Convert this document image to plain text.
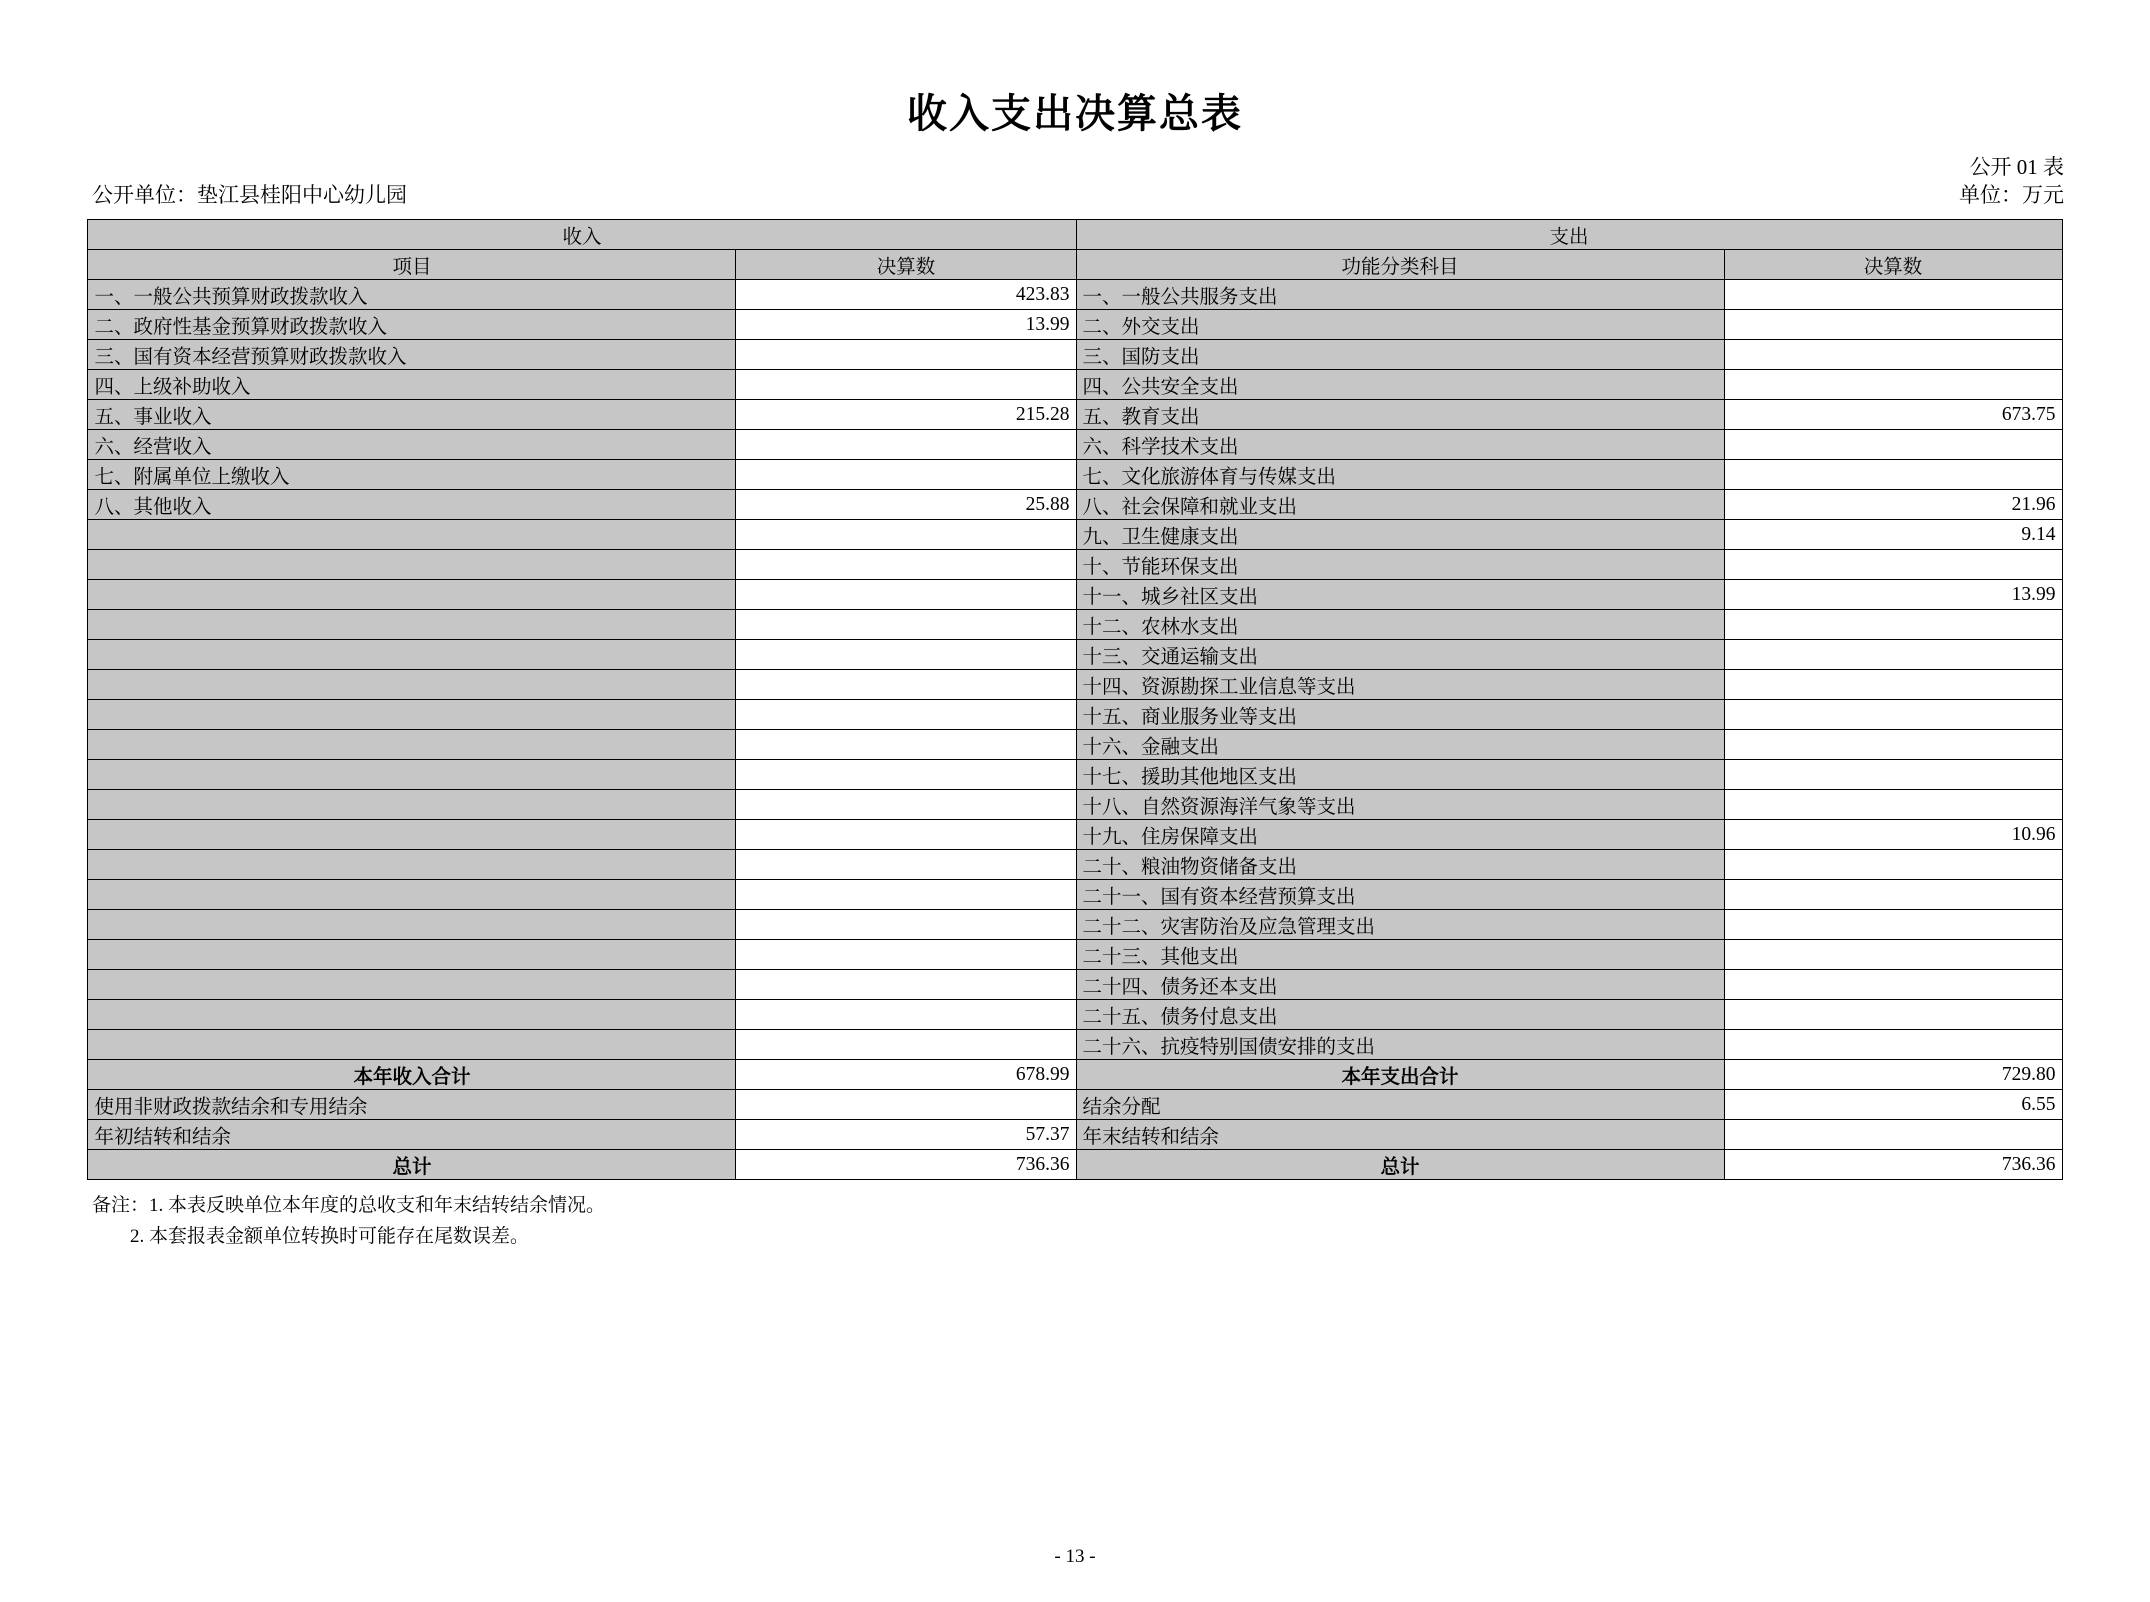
收入支出决算总表
公开 01 表
公开单位：垫江县桂阳中心幼儿园	单位：万元
收入		支出	
项目	决算数	功能分类科目	决算数
一、一般公共预算财政拨款收入	423.83	一、一般公共服务支出	
二、政府性基金预算财政拨款收入	13.99	二、外交支出	
三、国有资本经营预算财政拨款收入		三、国防支出	
四、上级补助收入		四、公共安全支出	
五、事业收入	215.28	五、教育支出	673.75
六、经营收入		六、科学技术支出	
七、附属单位上缴收入		七、文化旅游体育与传媒支出	
八、其他收入	25.88	八、社会保障和就业支出	21.96
		九、卫生健康支出	9.14
		十、节能环保支出	
		十一、城乡社区支出	13.99
		十二、农林水支出	
		十三、交通运输支出	
		十四、资源勘探工业信息等支出	
		十五、商业服务业等支出	
		十六、金融支出	
		十七、援助其他地区支出	
		十八、自然资源海洋气象等支出	
		十九、住房保障支出	10.96
		二十、粮油物资储备支出	
		二十一、国有资本经营预算支出	
		二十二、灾害防治及应急管理支出	
		二十三、其他支出	
		二十四、债务还本支出	
		二十五、债务付息支出	
		二十六、抗疫特别国债安排的支出	
本年收入合计	678.99	本年支出合计	729.80
使用非财政拨款结余和专用结余		结余分配	6.55
年初结转和结余	57.37	年末结转和结余	
总计	736.36	总计	736.36
备注：1. 本表反映单位本年度的总收支和年末结转结余情况。
2. 本套报表金额单位转换时可能存在尾数误差。
- 13 -
